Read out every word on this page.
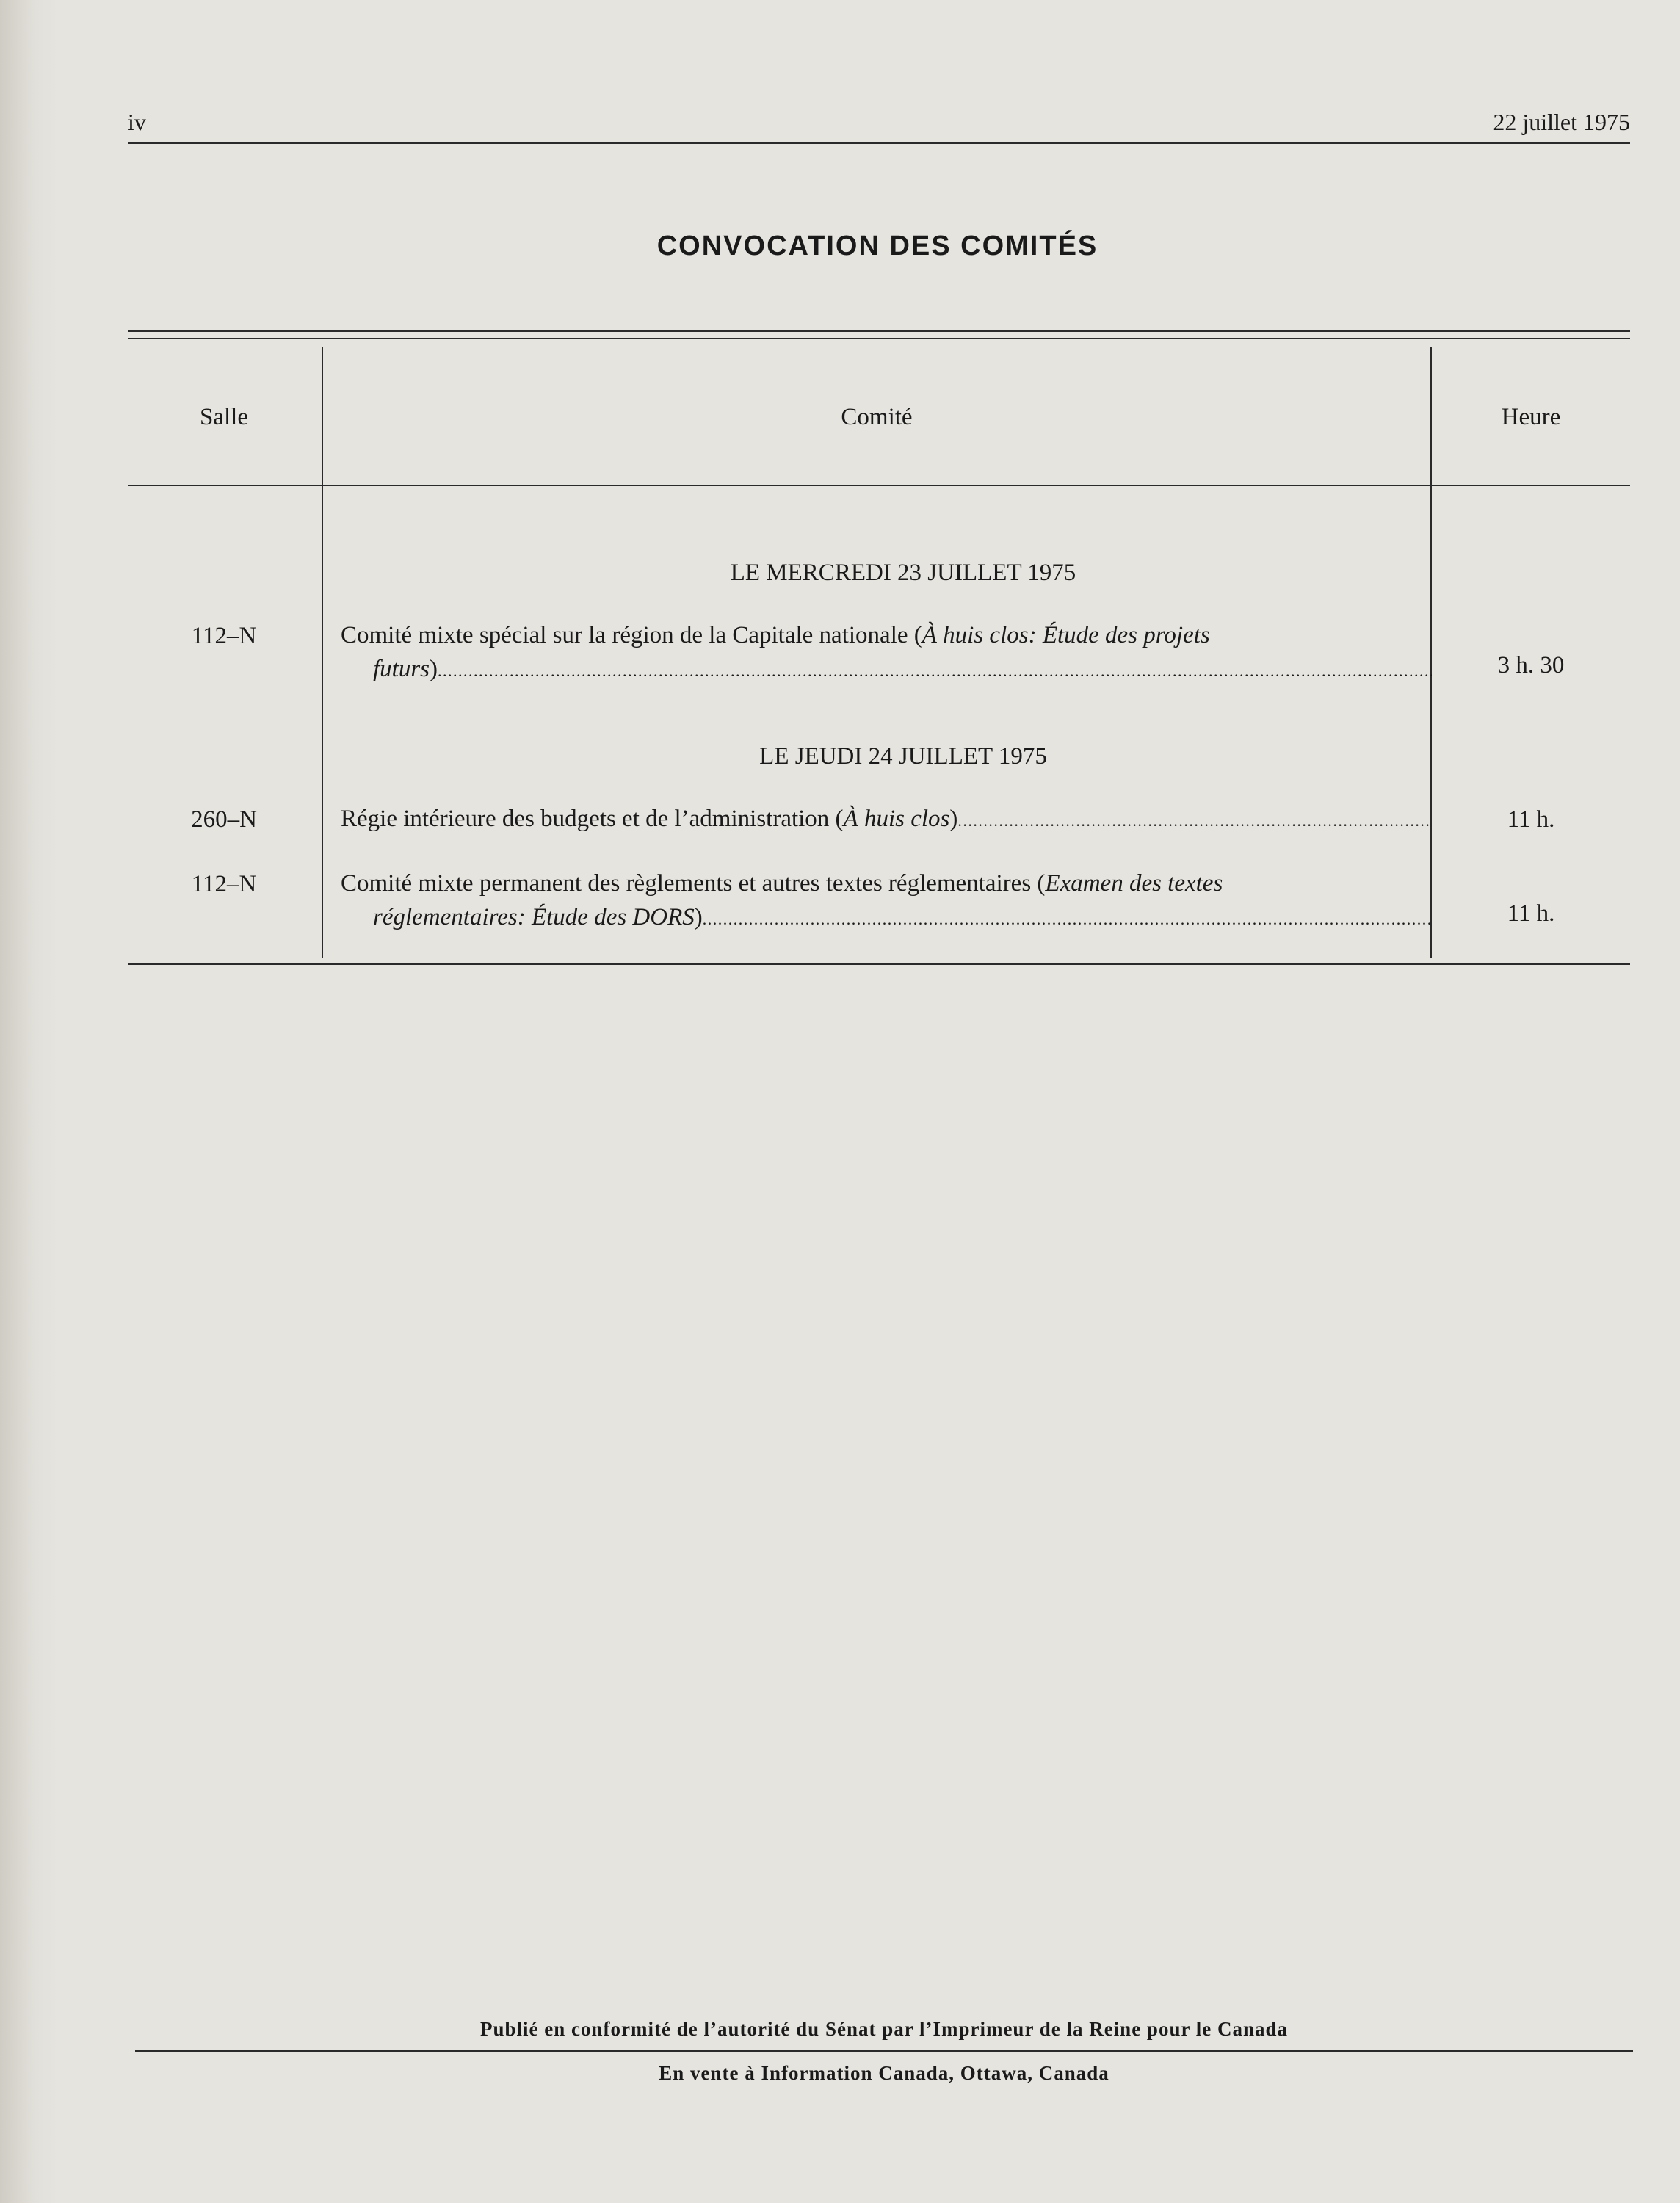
iv	22 juillet 1975
CONVOCATION DES COMITÉS
Salle	Comité	Heure
LE MERCREDI 23 JUILLET 1975
112–N	Comité mixte spécial sur la région de la Capitale nationale (À huis clos: Étude des projets
futurs) . . .	3 h. 30
LE JEUDI 24 JUILLET 1975
260–N	Régie intérieure des budgets et de l’administration (À huis clos) . . .	11 h.
112–N	Comité mixte permanent des règlements et autres textes réglementaires (Examen des textes
réglementaires: Étude des DORS) . . .	11 h.
Publié en conformité de l’autorité du Sénat par l’Imprimeur de la Reine pour le Canada
En vente à Information Canada, Ottawa, Canada
